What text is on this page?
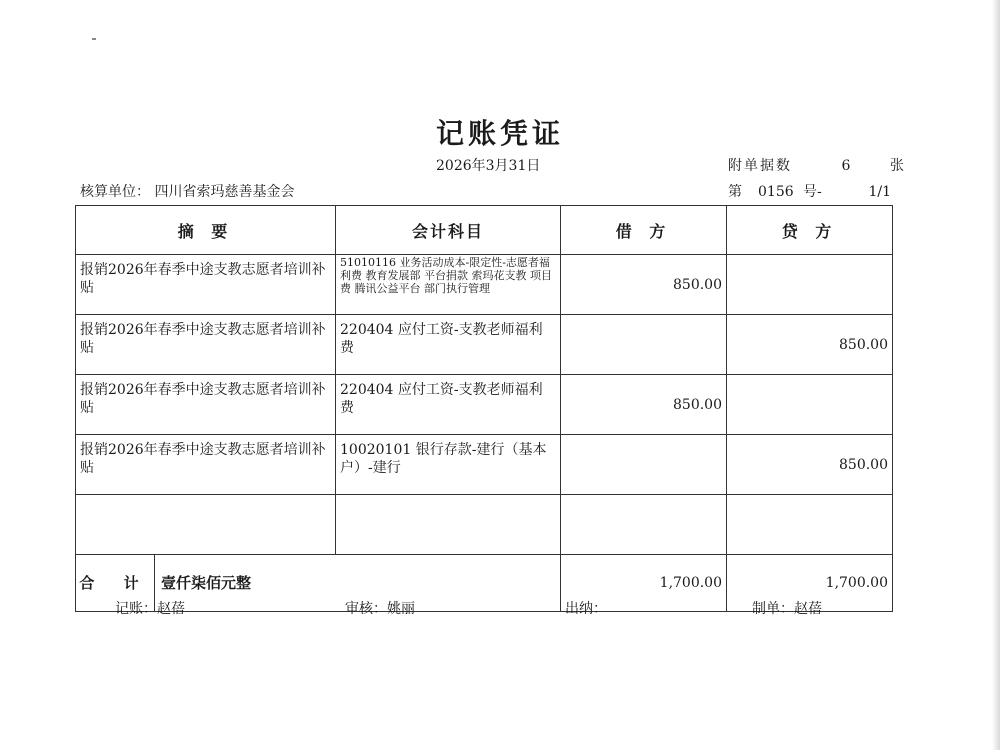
记账凭证
2026年3月31日	附单据数	6	张
核算单位： 四川省索玛慈善基金会	第 0156 号-	1/1
摘 要	会计科目	借 方	贷 方
报销2026年春季中途支教志愿者培训补贴	51010116 业务活动成本-限定性-志愿者福利费 教育发展部 平台捐款 索玛花支教 项目费 腾讯公益平台 部门执行管理	850.00	
报销2026年春季中途支教志愿者培训补贴	220404 应付工资-支教老师福利费		850.00
报销2026年春季中途支教志愿者培训补贴	220404 应付工资-支教老师福利费	850.00	
报销2026年春季中途支教志愿者培训补贴	10020101 银行存款-建行（基本户）-建行		850.00

合 计 壹仟柒佰元整		1,700.00	1,700.00
记账：赵蓓	审核：姚丽	出纳：	制单：赵蓓
